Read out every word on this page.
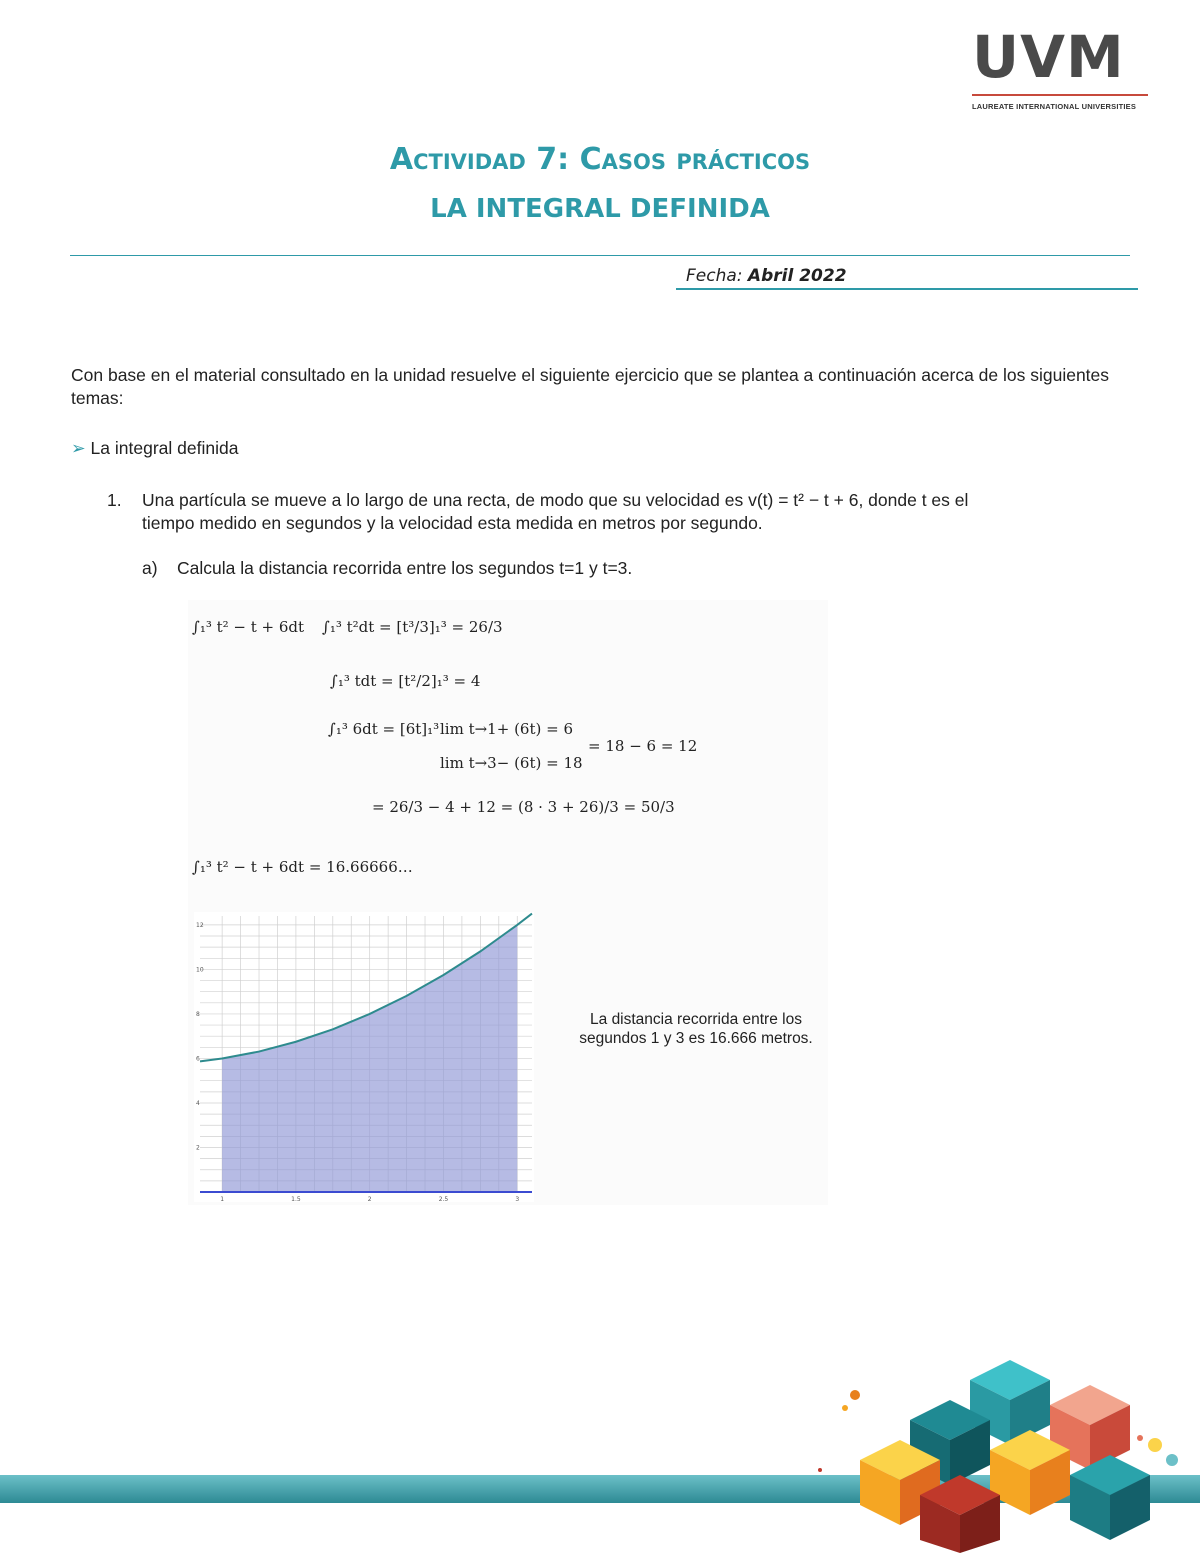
UVM
LAUREATE INTERNATIONAL UNIVERSITIES
Actividad 7: Casos prácticos
LA INTEGRAL DEFINIDA
Fecha: Abril 2022
Con base en el material consultado en la unidad resuelve el siguiente ejercicio que se plantea a continuación acerca de los siguientes temas:
➢ La integral definida
1.	Una partícula se mueve a lo largo de una recta, de modo que su velocidad es v(t) = t² − t + 6, donde t es el
tiempo medido en segundos y la velocidad esta medida en metros por segundo.
a)	Calcula la distancia recorrida entre los segundos t=1 y t=3.
∫₁³ t² − t + 6dt ∫₁³ t²dt = [t³/3]₁³ = 26/3
∫₁³ tdt = [t²/2]₁³ = 4
∫₁³ 6dt = [6t]₁³ lim t→1+ (6t) = 6
lim t→3− (6t) = 18
= 18 − 6 = 12
= 26/3 − 4 + 12 = (8 · 3 + 26)/3 = 50/3
∫₁³ t² − t + 6dt = 16.66666…
1	1.5	2	2.5	3
2
4
6
8
10
12
La distancia recorrida entre los segundos 1 y 3 es 16.666 metros.
